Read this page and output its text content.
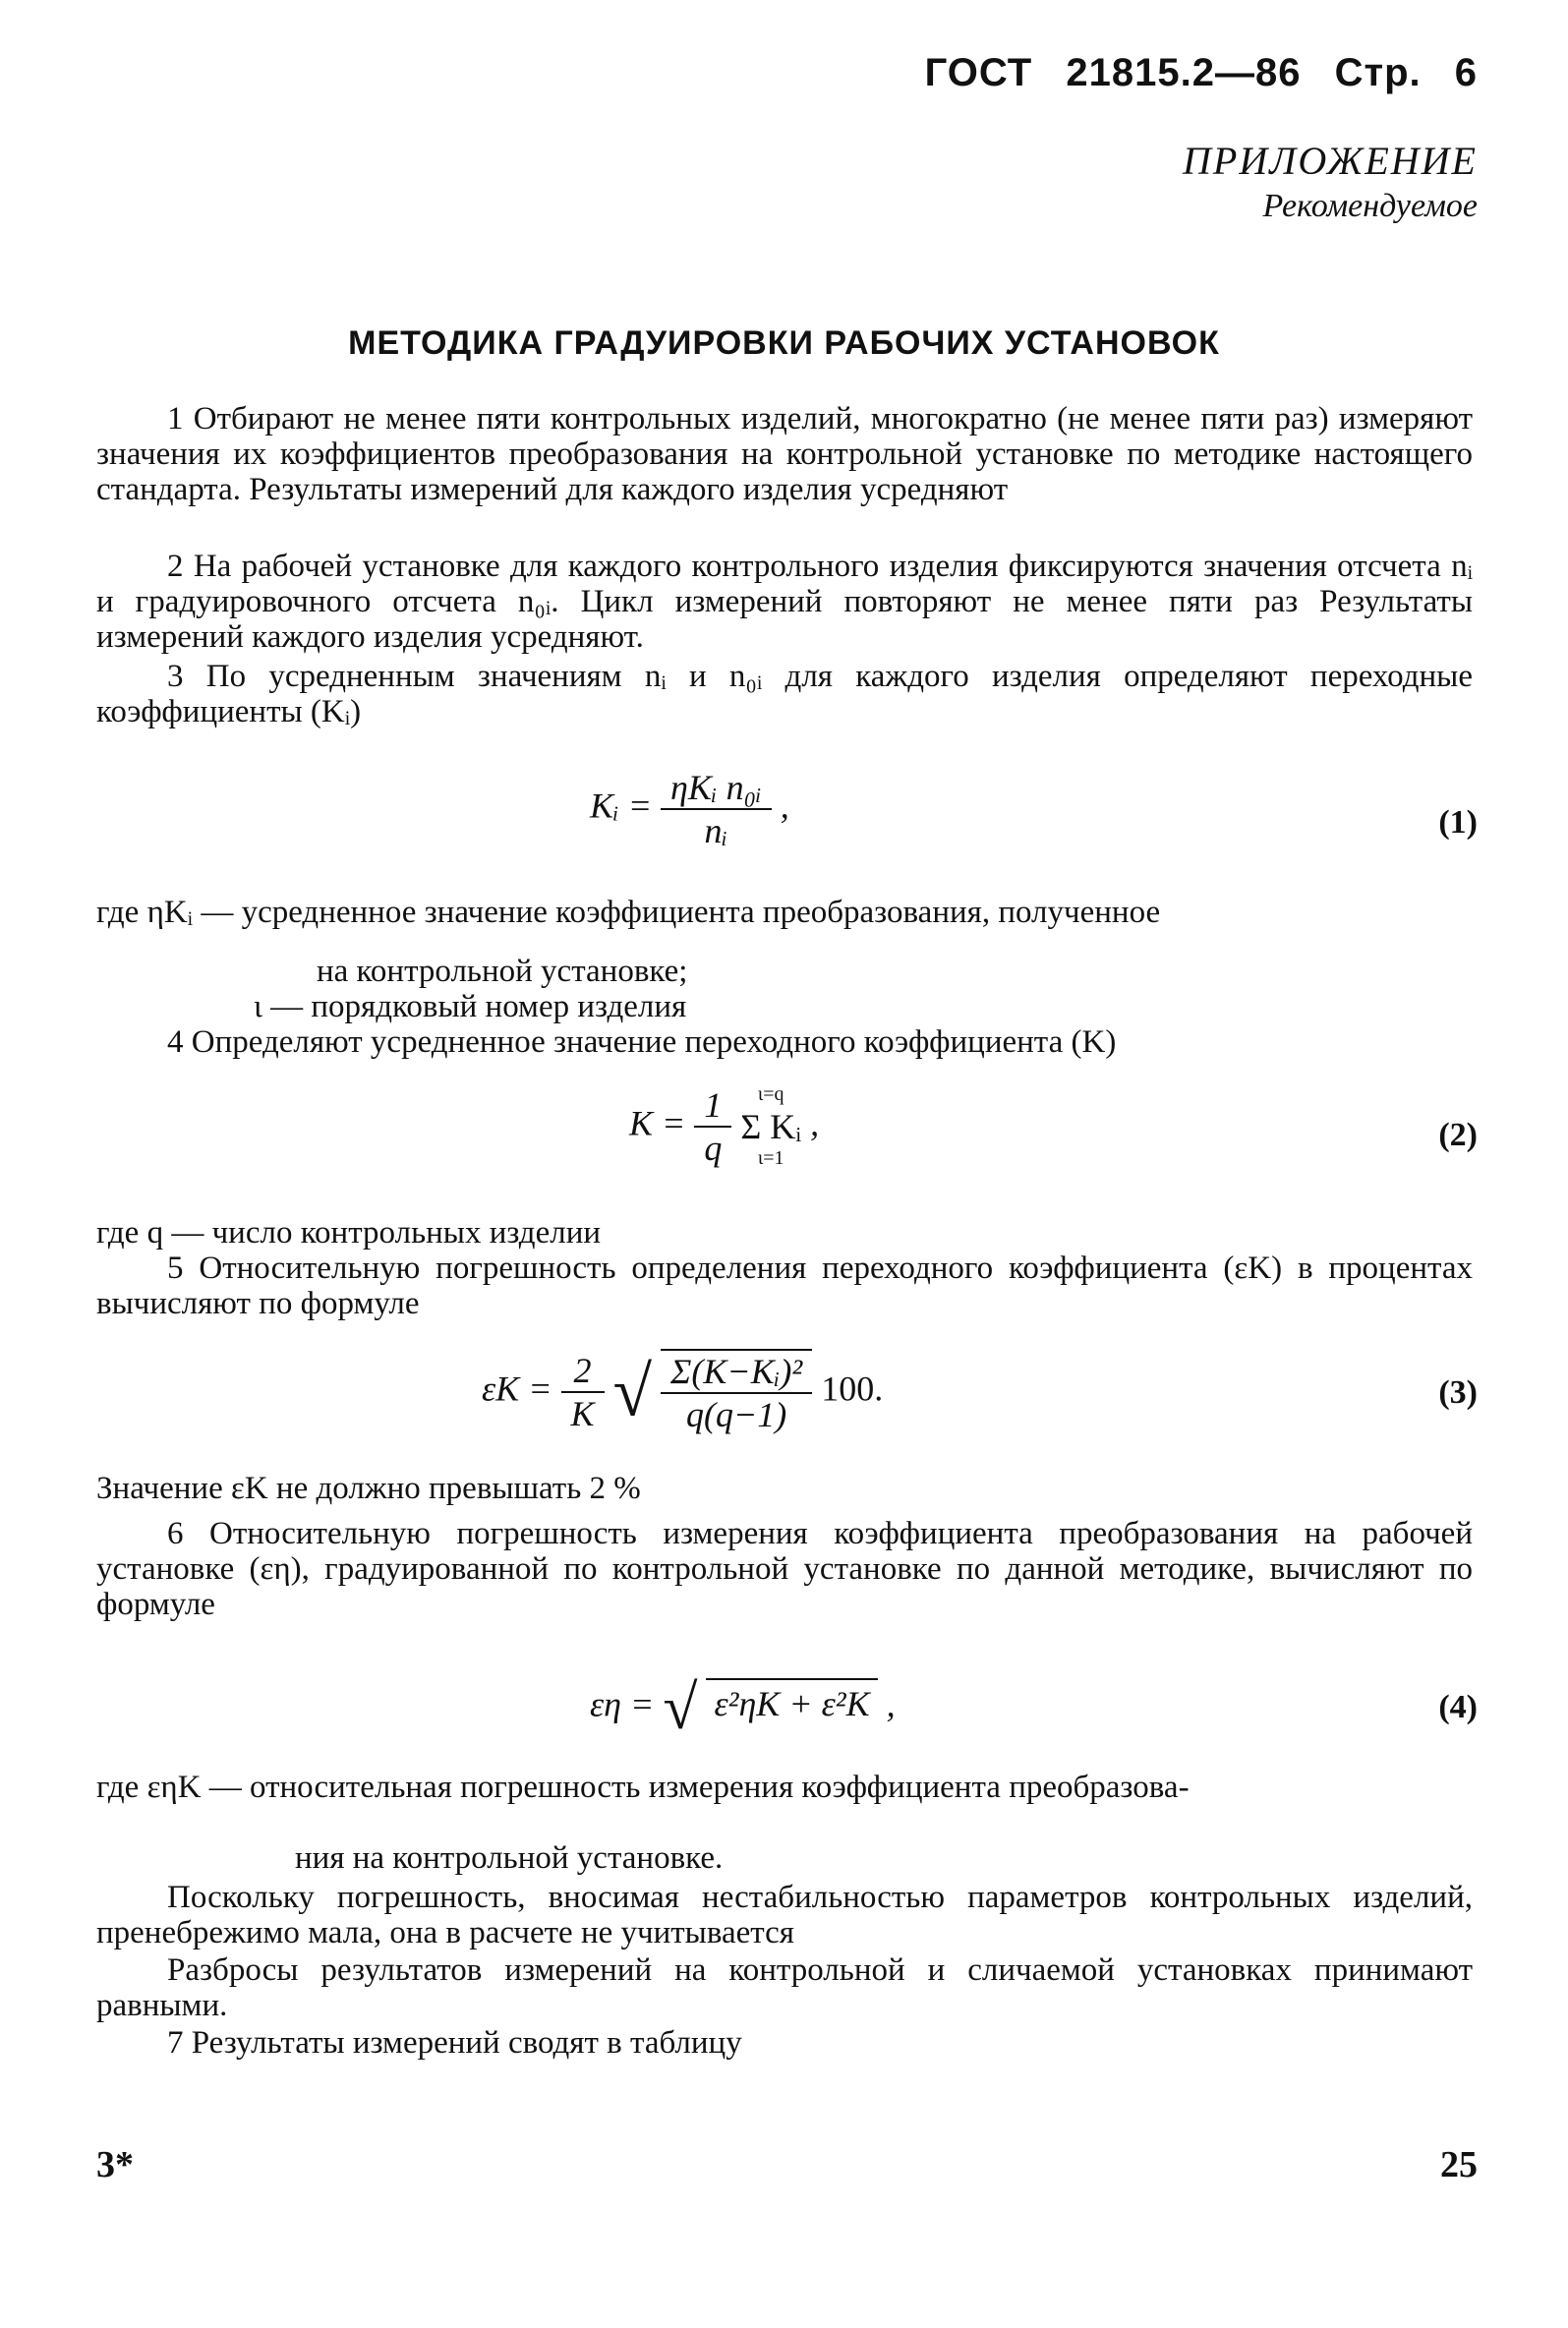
ГОСТ 21815.2—86 Стр. 6
ПРИЛОЖЕНИЕ
Рекомендуемое
МЕТОДИКА ГРАДУИРОВКИ РАБОЧИХ УСТАНОВОК
1 Отбирают не менее пяти контрольных изделий, многократно (не менее пяти раз) измеряют значения их коэффициентов преобразования на контрольной установке по методике настоящего стандарта. Результаты измерений для каждого изделия усредняют
2 На рабочей установке для каждого контрольного изделия фиксируются значения отсчета nᵢ и градуировочного отсчета n₀ᵢ. Цикл измерений повторяют не менее пяти раз Результаты измерений каждого изделия усредняют.
3 По усредненным значениям nᵢ и n₀ᵢ для каждого изделия определяют переходные коэффициенты (Kᵢ)
Kᵢ = $\frac{\text{ηKᵢ n₀ᵢ}}{\text{nᵢ}}$ ,	(1)
где ηKᵢ — усредненное значение коэффициента преобразования, полученное
на контрольной установке;
ι — порядковый номер изделия
4 Определяют усредненное значение переходного коэффициента (K)
$K = \frac{1}{q}$
	ι=q
Σ Kᵢ
ι=1
,	(2)
где q — число контрольных изделии
5 Относительную погрешность определения переходного коэффициента (εK) в процентах вычисляют по формуле
$\varepsilon K = \frac{2}{K}$ √ $\frac{\text{Σ(K−Kᵢ)²}}{q(q-1)} 100$.	(3)
Значение εK не должно превышать 2 %
6 Относительную погрешность измерения коэффициента преобразования на рабочей установке (εη), градуированной по контрольной установке по данной методике, вычисляют по формуле
εη = √ ε²ηK + ε²K ,	(4)
где εηK — относительная погрешность измерения коэффициента преобразова-
ния на контрольной установке.
Поскольку погрешность, вносимая нестабильностью параметров контрольных изделий, пренебрежимо мала, она в расчете не учитывается
Разбросы результатов измерений на контрольной и сличаемой установках принимают равными.
7 Результаты измерений сводят в таблицу
3*	25
